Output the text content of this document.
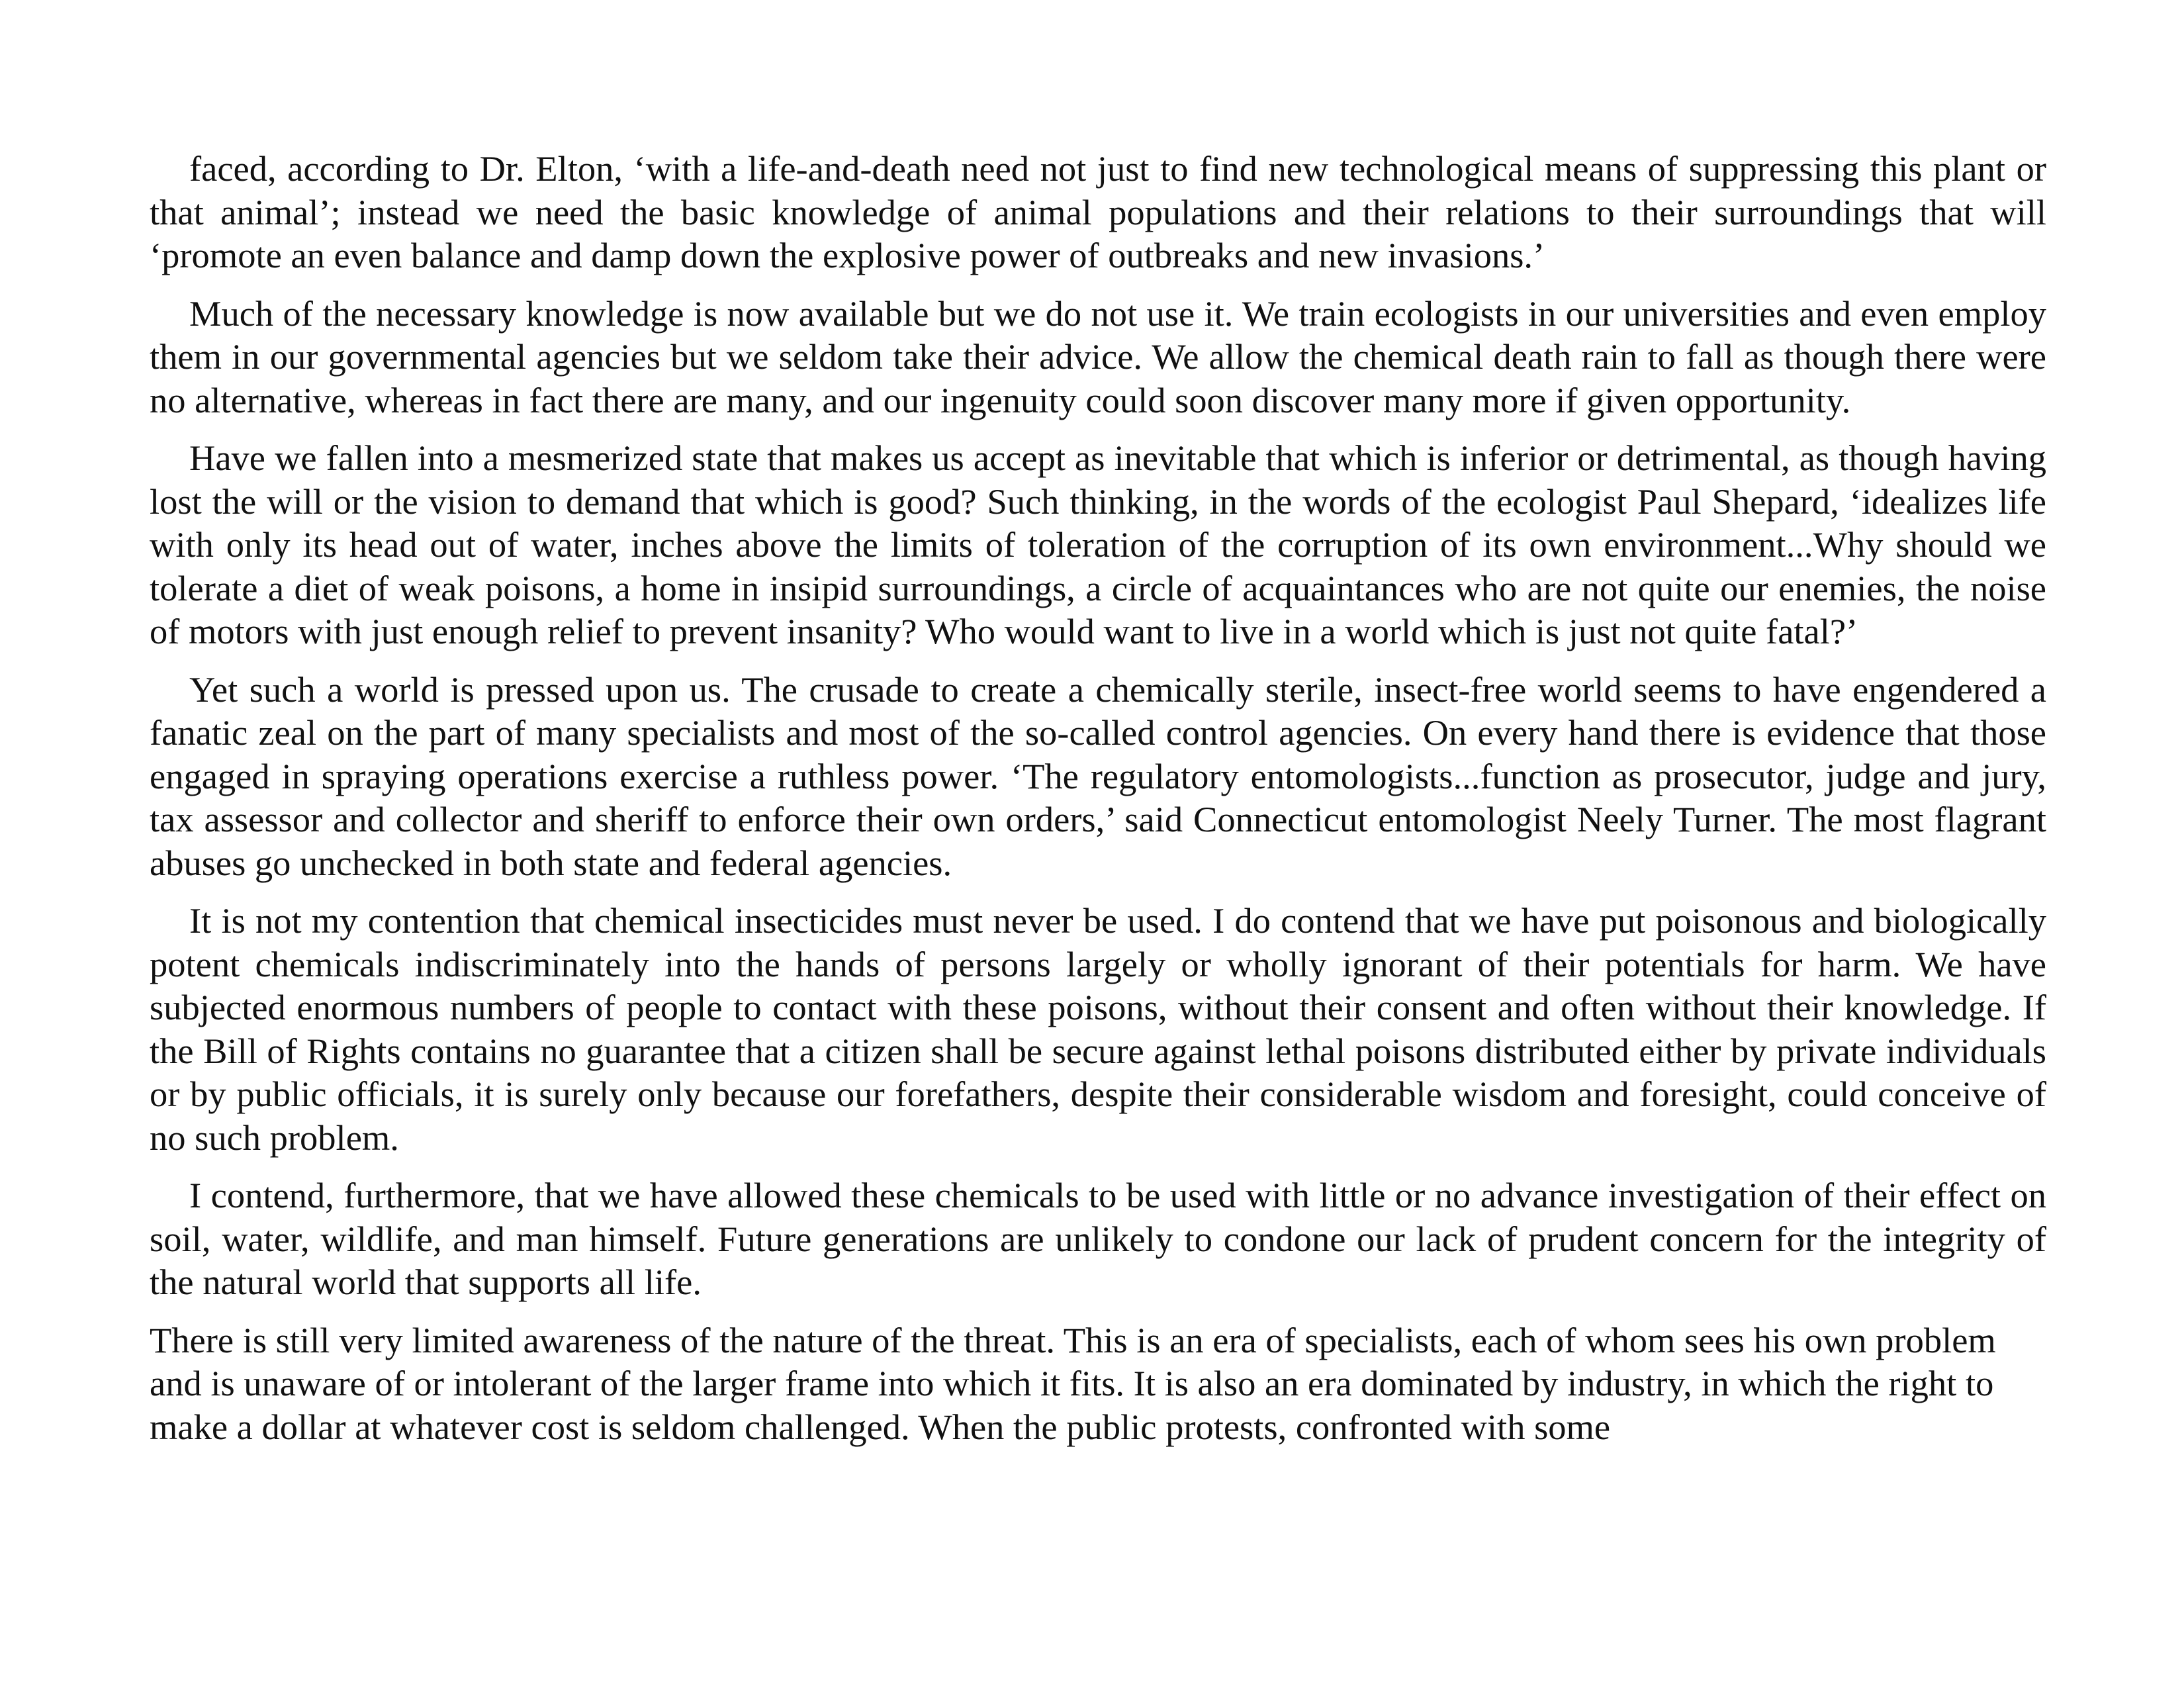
faced, according to Dr. Elton, ‘with a life-and-death need not just to find new technological means of suppressing this plant or that animal’; instead we need the basic knowledge of animal populations and their relations to their surroundings that will ‘promote an even balance and damp down the explosive power of outbreaks and new invasions.’

Much of the necessary knowledge is now available but we do not use it. We train ecologists in our universities and even employ them in our governmental agencies but we seldom take their advice. We allow the chemical death rain to fall as though there were no alternative, whereas in fact there are many, and our ingenuity could soon discover many more if given opportunity.

Have we fallen into a mesmerized state that makes us accept as inevitable that which is inferior or detrimental, as though having lost the will or the vision to demand that which is good? Such thinking, in the words of the ecologist Paul Shepard, ‘idealizes life with only its head out of water, inches above the limits of toleration of the corruption of its own environment...Why should we tolerate a diet of weak poisons, a home in insipid surroundings, a circle of acquaintances who are not quite our enemies, the noise of motors with just enough relief to prevent insanity? Who would want to live in a world which is just not quite fatal?’

Yet such a world is pressed upon us. The crusade to create a chemically sterile, insect-free world seems to have engendered a fanatic zeal on the part of many specialists and most of the so-called control agencies. On every hand there is evidence that those engaged in spraying operations exercise a ruthless power. ‘The regulatory entomologists...function as prosecutor, judge and jury, tax assessor and collector and sheriff to enforce their own orders,’ said Connecticut entomologist Neely Turner. The most flagrant abuses go unchecked in both state and federal agencies.

It is not my contention that chemical insecticides must never be used. I do contend that we have put poisonous and biologically potent chemicals indiscriminately into the hands of persons largely or wholly ignorant of their potentials for harm. We have subjected enormous numbers of people to contact with these poisons, without their consent and often without their knowledge. If the Bill of Rights contains no guarantee that a citizen shall be secure against lethal poisons distributed either by private individuals or by public officials, it is surely only because our forefathers, despite their considerable wisdom and foresight, could conceive of no such problem.

I contend, furthermore, that we have allowed these chemicals to be used with little or no advance investigation of their effect on soil, water, wildlife, and man himself. Future generations are unlikely to condone our lack of prudent concern for the integrity of the natural world that supports all life.

There is still very limited awareness of the nature of the threat. This is an era of specialists, each of whom sees his own problem and is unaware of or intolerant of the larger frame into which it fits. It is also an era dominated by industry, in which the right to make a dollar at whatever cost is seldom challenged. When the public protests, confronted with some
